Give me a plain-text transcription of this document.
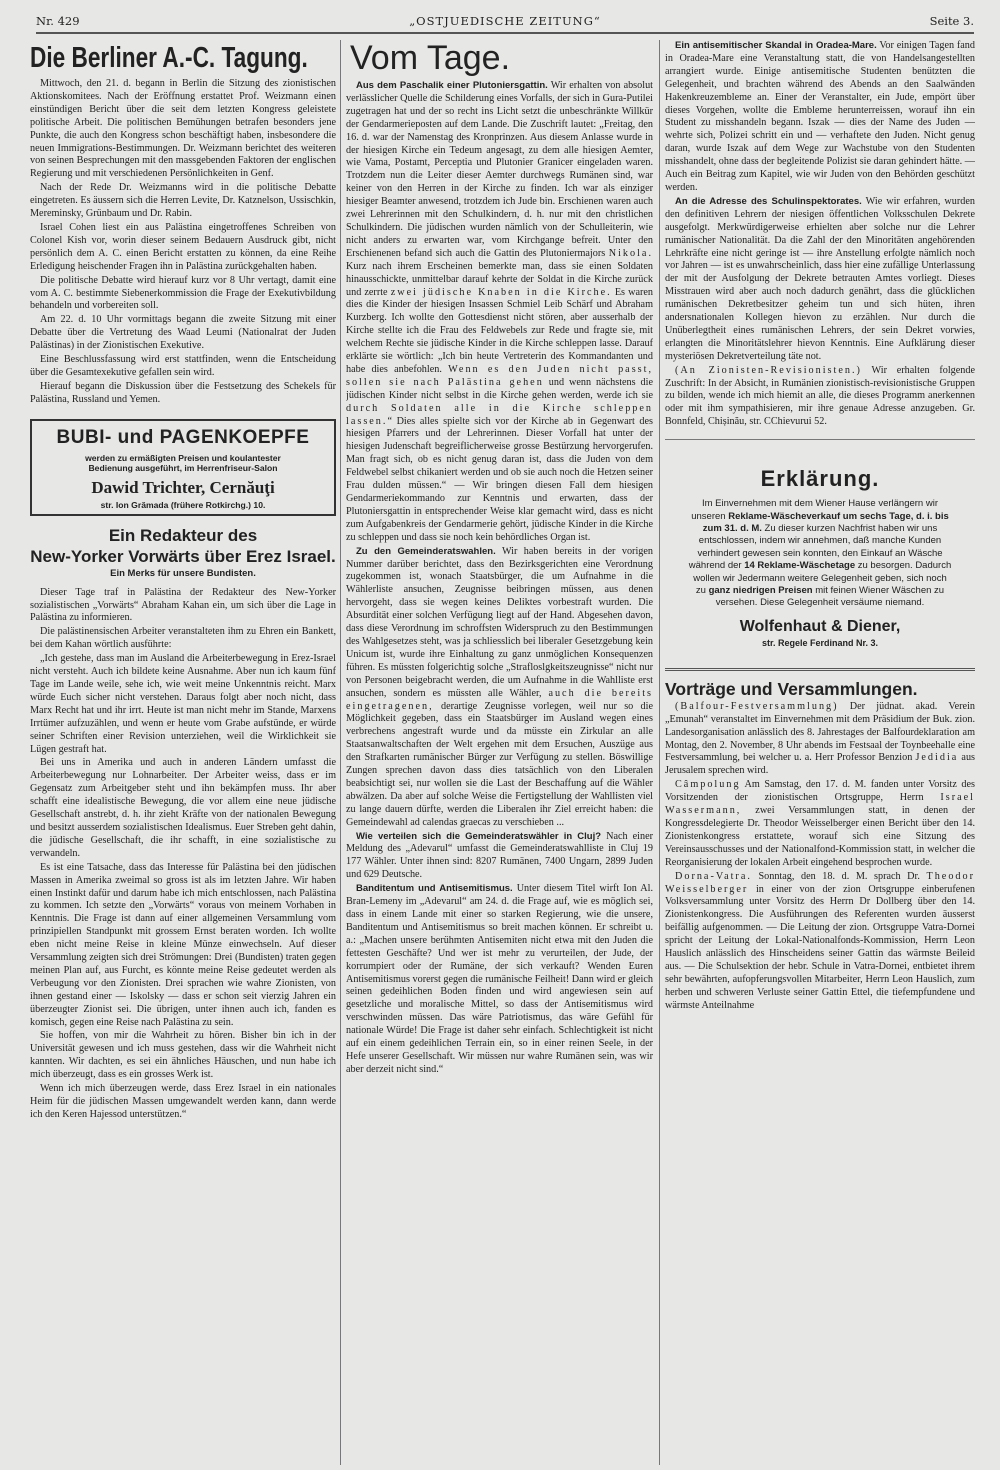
Nr. 429	„OSTJUEDISCHE ZEITUNG“	Seite 3.
Die Berliner A.-C. Tagung.

Mittwoch, den 21. d. begann in Berlin die Sitzung des zionistischen Aktionskomitees. Nach der Eröffnung erstattet Prof. Weizmann einen einstündigen Bericht über die seit dem letzten Kongress geleistete politische Arbeit. Die politischen Bemühungen betrafen besonders jene Punkte, die auch den Kongress schon beschäftigt haben, insbesondere die neuen Immigrations-Bestimmungen. Dr. Weizmann berichtet des weiteren von seinen Besprechungen mit den massgebenden Faktoren der englischen Regierung und mit verschiedenen Persönlichkeiten in Genf.

Nach der Rede Dr. Weizmanns wird in die politische Debatte eingetreten. Es äussern sich die Herren Levite, Dr. Katznelson, Ussischkin, Mereminsky, Grünbaum und Dr. Rabin.

Israel Cohen liest ein aus Palästina eingetroffenes Schreiben von Colonel Kish vor, worin dieser seinem Bedauern Ausdruck gibt, nicht persönlich dem A. C. einen Bericht erstatten zu können, da eine Reihe Erledigung heischender Fragen ihn in Palästina zurückgehalten haben.

Die politische Debatte wird hierauf kurz vor 8 Uhr vertagt, damit eine vom A. C. bestimmte Siebenerkommission die Frage der Exekutivbildung behandeln und vorbereiten soll.

Am 22. d. 10 Uhr vormittags begann die zweite Sitzung mit einer Debatte über die Vertretung des Waad Leumi (Nationalrat der Juden Palästinas) in der Zionistischen Exekutive.

Eine Beschlussfassung wird erst stattfinden, wenn die Entscheidung über die Gesamtexekutive gefallen sein wird.

Hierauf begann die Diskussion über die Festsetzung des Schekels für Palästina, Russland und Yemen.

BUBI- und PAGENKOEPFE
werden zu ermäßigten Preisen und koulantester
Bedienung ausgeführt, im Herrenfriseur-Salon
Dawid Trichter, Cernăuţi
str. Ion Grămada (frühere Rotkirchg.) 10.
Ein Redakteur des
New-Yorker Vorwärts über Erez Israel.
Ein Merks für unsere Bundisten.

Dieser Tage traf in Palästina der Redakteur des New-Yorker sozialistischen „Vorwärts“ Abraham Kahan ein, um sich über die Lage in Palästina zu informieren.

Die palästinensischen Arbeiter veranstalteten ihm zu Ehren ein Bankett, bei dem Kahan wörtlich ausführte:

„Ich gestehe, dass man im Ausland die Arbeiterbewegung in Erez-Israel nicht versteht. Auch ich bildete keine Ausnahme. Aber nun ich kaum fünf Tage im Lande weile, sehe ich, wie weit meine Unkenntnis reicht. Marx würde Euch sicher nicht verstehen. Daraus folgt aber noch nicht, dass Marx Recht hat und ihr irrt. Heute ist man nicht mehr im Stande, Marxens Irrtümer aufzuzählen, und wenn er heute vom Grabe aufstünde, er würde seiner Schriften einer Revision unterziehen, weil die Wirklichkeit sie Lügen gestraft hat.

Bei uns in Amerika und auch in anderen Ländern umfasst die Arbeiterbewegung nur Lohnarbeiter. Der Arbeiter weiss, dass er im Gegensatz zum Arbeitgeber steht und ihn bekämpfen muss. Ihr aber schafft eine idealistische Bewegung, die vor allem eine neue jüdische Gesellschaft anstrebt, d. h. ihr zieht Kräfte von der nationalen Bewegung und besitzt ausserdem sozialistischen Idealismus. Euer Streben geht dahin, die jüdische Gesellschaft, die ihr schafft, in eine sozialistische zu verwandeln.

Es ist eine Tatsache, dass das Interesse für Palästina bei den jüdischen Massen in Amerika zweimal so gross ist als im letzten Jahre. Wir haben einen Instinkt dafür und darum habe ich mich entschlossen, nach Palästina zu kommen. Ich setzte den „Vorwärts“ voraus von meinem Vorhaben in Kenntnis. Die Frage ist dann auf einer allgemeinen Versammlung vom prinzipiellen Standpunkt mit grossem Ernst beraten worden. Ich wollte eben nicht meine Reise in kleine Münze einwechseln. Auf dieser Versammlung zeigten sich drei Strömungen: Drei (Bundisten) traten gegen meinen Plan auf, aus Furcht, es könnte meine Reise gedeutet werden als Verbeugung vor den Zionisten. Drei sprachen wie wahre Zionisten, von ihnen gestand einer — Iskolsky — dass er schon seit vierzig Jahren ein überzeugter Zionist sei. Die übrigen, unter ihnen auch ich, fanden es komisch, gegen eine Reise nach Palästina zu sein.

Sie hoffen, von mir die Wahrheit zu hören. Bisher bin ich in der Universität gewesen und ich muss gestehen, dass wir die Wahrheit nicht kannten. Wir dachten, es sei ein ähnliches Häuschen, und nun habe ich mich überzeugt, dass es ein grosses Werk ist.

Wenn ich mich überzeugen werde, dass Erez Israel in ein nationales Heim für die jüdischen Massen umgewandelt werden kann, dann werde ich den Keren Hajessod unterstützen.“

Vom Tage.

Aus dem Paschalik einer Plutoniersgattin. Wir erhalten von absolut verlässlicher Quelle die Schilderung eines Vorfalls, der sich in Gura-Putilei zugetragen hat und der so recht ins Licht setzt die unbeschränkte Willkür der Gendarmerieposten auf dem Lande. Die Zuschrift lautet: „Freitag, den 16. d. war der Namenstag des Kronprinzen. Aus diesem Anlasse wurde in der hiesigen Kirche ein Tedeum angesagt, zu dem alle hiesigen Aemter, wie Vama, Postamt, Perceptia und Plutonier Granicer eingeladen waren. Trotzdem nun die Leiter dieser Aemter durchwegs Rumänen sind, war keiner von den Herren in der Kirche zu finden. Ich war als einziger hiesiger Beamter anwesend, trotzdem ich Jude bin. Erschienen waren auch zwei Lehrerinnen mit den Schulkindern, d. h. nur mit den christlichen Schulkindern. Die jüdischen wurden nämlich von der Schulleiterin, wie nicht anders zu erwarten war, vom Kirchgange befreit. Unter den Erschienenen befand sich auch die Gattin des Plutoniermajors Nikola. Kurz nach ihrem Erscheinen bemerkte man, dass sie einen Soldaten hinausschickte, unmittelbar darauf kehrte der Soldat in die Kirche zurück und zerrte zwei jüdische Knaben in die Kirche. Es waren dies die Kinder der hiesigen Insassen Schmiel Leib Schärf und Abraham Kurzberg. Ich wollte den Gottesdienst nicht stören, aber ausserhalb der Kirche stellte ich die Frau des Feldwebels zur Rede und fragte sie, mit welchem Rechte sie jüdische Kinder in die Kirche schleppen lasse. Darauf erklärte sie wörtlich: „Ich bin heute Vertreterin des Kommandanten und habe dies anbefohlen. Wenn es den Juden nicht passt, sollen sie nach Palästina gehen und wenn nächstens die jüdischen Kinder nicht selbst in die Kirche gehen werden, werde ich sie durch Soldaten alle in die Kirche schleppen lassen.“ Dies alles spielte sich vor der Kirche ab in Gegenwart des hiesigen Pfarrers und der Lehrerinnen. Dieser Vorfall hat unter der hiesigen Judenschaft begreiflicherweise grosse Bestürzung hervorgerufen. Man fragt sich, ob es nicht genug daran ist, dass die Juden von dem Feldwebel selbst chikaniert werden und ob sie auch noch die Hetzen seiner Frau dulden müssen.“ — Wir bringen diesen Fall dem hiesigen Gendarmeriekommando zur Kenntnis und erwarten, dass der Plutoniersgattin in entsprechender Weise klar gemacht wird, dass es nicht zum Aufgabenkreis der Gendarmerie gehört, jüdische Kinder in die Kirche zu schleppen und dass sie noch kein behördliches Organ ist.

Zu den Gemeinderatswahlen. Wir haben bereits in der vorigen Nummer darüber berichtet, dass den Bezirksgerichten eine Verordnung zugekommen ist, wonach Staatsbürger, die um Aufnahme in die Wählerliste ansuchen, Zeugnisse beibringen müssen, aus denen hervorgeht, dass sie wegen keines Deliktes vorbestraft wurden. Die Absurdität einer solchen Verfügung liegt auf der Hand. Abgesehen davon, dass diese Verordnung im schroffsten Widerspruch zu den Bestimmungen des Wahlgesetzes steht, was ja schliesslich bei liberaler Gesetzgebung kein Unicum ist, wurde ihre Einhaltung zu ganz unmöglichen Konsequenzen führen. Es müssten folgerichtig solche „Strafloslgkeitszeugnisse“ nicht nur von Personen beigebracht werden, die um Aufnahme in die Wahlliste erst ansuchen, sondern es müssten alle Wähler, auch die bereits eingetragenen, derartige Zeugnisse vorlegen, weil nur so die Möglichkeit gegeben, dass ein Staatsbürger im Ausland wegen eines verbrechens angestraft wurde und da müsste ein Zirkular an alle Staatsanwaltschaften der Welt ergehen mit dem Ersuchen, Auszüge aus den Strafkarten rumänischer Bürger zur Verfügung zu stellen. Böswillige Zungen sprechen davon dass dies tatsächlich von den Liberalen beabsichtigt sei, nur wollen sie die Last der Beschaffung auf die Wähler abwälzen. Da aber auf solche Weise die Fertigstellung der Wahllisten viel zu lange dauern dürfte, werden die Liberalen ihr Ziel erreicht haben: die Gemeindewahl ad calendas graecas zu verschieben ...

Wie verteilen sich die Gemeinderatswähler in Cluj? Nach einer Meldung des „Adevarul“ umfasst die Gemeinderatswahlliste in Cluj 19 177 Wähler. Unter ihnen sind: 8207 Rumänen, 7400 Ungarn, 2899 Juden und 629 Deutsche.

Banditentum und Antisemitismus. Unter diesem Titel wirft Ion Al. Bran-Lemeny im „Adevarul“ am 24. d. die Frage auf, wie es möglich sei, dass in einem Lande mit einer so starken Regierung, wie die unsere, Banditentum und Antisemitismus so breit machen können. Er schreibt u. a.: „Machen unsere berühmten Antisemiten nicht etwa mit den Juden die fettesten Geschäfte? Und wer ist mehr zu verurteilen, der Jude, der korrumpiert oder der Rumäne, der sich verkauft? Wenden Euren Antisemitismus vorerst gegen die rumänische Feilheit! Dann wird er gleich seinen gedeihlichen Boden finden und wird angewiesen sein auf gesetzliche und moralische Mittel, so dass der Antisemitismus wird verschwinden müssen. Das wäre Patriotismus, das wäre Gefühl für nationale Würde! Die Frage ist daher sehr einfach. Schlechtigkeit ist nicht auf ein einem gedeihlichen Terrain ein, so in einer reinen Seele, in der Hefe unserer Gesellschaft. Wir müssen nur wahre Rumänen sein, was wir aber derzeit nicht sind.“

Ein antisemitischer Skandal in Oradea-Mare. Vor einigen Tagen fand in Oradea-Mare eine Veranstaltung statt, die von Handelsangestellten arrangiert wurde. Einige antisemitische Studenten benützten die Gelegenheit, und brachten während des Abends an den Saalwänden Hakenkreuzembleme an. Einer der Veranstalter, ein Jude, empört über dieses Vorgehen, wollte die Embleme herunterreissen, worauf ihn ein Student zu misshandeln begann. Iszak — dies der Name des Juden — wehrte sich, Polizei schritt ein und — verhaftete den Juden. Nicht genug daran, wurde Iszak auf dem Wege zur Wachstube von den Studenten misshandelt, ohne dass der begleitende Polizist sie daran gehindert hätte. — Auch ein Beitrag zum Kapitel, wie wir Juden von den Behörden geschützt werden.

An die Adresse des Schulinspektorates. Wie wir erfahren, wurden den definitiven Lehrern der niesigen öffentlichen Volksschulen Dekrete ausgefolgt. Merkwürdigerweise erhielten aber solche nur die Lehrer rumänischer Nationalität. Da die Zahl der den Minoritäten angehörenden Lehrkräfte eine nicht geringe ist — ihre Anstellung erfolgte nämlich noch vor Jahren — ist es unwahrscheinlich, dass hier eine zufällige Unterlassung der mit der Ausfolgung der Dekrete betrauten Amtes vorliegt. Dieses Misstrauen wird aber auch noch dadurch genährt, dass die glücklichen rumänischen Dekretbesitzer geheim tun und sich hüten, ihren andersnationalen Kollegen hievon zu erzählen. Nur durch die Unüberlegtheit eines rumänischen Lehrers, der sein Dekret vorwies, erlangten die Minoritätslehrer hievon Kenntnis. Eine Aufklärung dieser mysteriösen Dekretverteilung täte not.

(An Zionisten-Revisionisten.) Wir erhalten folgende Zuschrift: In der Absicht, in Rumänien zionistisch-revisionistische Gruppen zu bilden, wende ich mich hiemit an alle, die dieses Programm anerkennen oder mit ihm sympathisieren, mir ihre genaue Adresse anzugeben. Gr. Bonnfeld, Chișinău, str. CChievurui 52.

Erklärung.
Im Einvernehmen mit dem Wiener Hause verlängern wir unseren Reklame-Wäscheverkauf um sechs Tage, d. i. bis zum 31. d. M. Zu dieser kurzen Nachfrist haben wir uns entschlossen, indem wir annehmen, daß manche Kunden verhindert gewesen sein konnten, den Einkauf an Wäsche während der 14 Reklame-Wäschetage zu besorgen. Dadurch wollen wir Jedermann weitere Gelegenheit geben, sich noch zu ganz niedrigen Preisen mit feinen Wiener Wäschen zu versehen. Diese Gelegenheit versäume niemand.
Wolfenhaut & Diener,
str. Regele Ferdinand Nr. 3.
Vorträge und Versammlungen.

(Balfour-Festversammlung) Der jüdnat. akad. Verein „Emunah“ veranstaltet im Einvernehmen mit dem Präsidium der Buk. zion. Landesorganisation anlässlich des 8. Jahrestages der Balfourdeklaration am Montag, den 2. November, 8 Uhr abends im Festsaal der Toynbeehalle eine Festversammlung, bei welcher u. a. Herr Professor Benzion Jedidia aus Jerusalem sprechen wird.

Câmpolung Am Samstag, den 17. d. M. fanden unter Vorsitz des Vorsitzenden der zionistischen Ortsgruppe, Herrn Israel Wassermann, zwei Versammlungen statt, in denen der Kongressdelegierte Dr. Theodor Weisselberger einen Bericht über den 14. Zionistenkongress erstattete, worauf sich eine Sitzung des Vereinsausschusses und der Nationalfond-Kommission statt, in welcher die Reorganisierung der lokalen Arbeit eingehend besprochen wurde.

Dorna-Vatra. Sonntag, den 18. d. M. sprach Dr. Theodor Weisselberger in einer von der zion Ortsgruppe einberufenen Volksversammlung unter Vorsitz des Herrn Dr Dollberg über den 14. Zionistenkongress. Die Ausführungen des Referenten wurden äusserst beifällig aufgenommen. — Die Leitung der zion. Ortsgruppe Vatra-Dornei spricht der Leitung der Lokal-Nationalfonds-Kommission, Herrn Leon Hauslich anlässlich des Hinscheidens seiner Gattin das wärmste Beileid aus. — Die Schulsektion der hebr. Schule in Vatra-Dornei, entbietet ihrem sehr bewährten, aufopferungsvollen Mitarbeiter, Herrn Leon Hauslich, zum herben und schweren Verluste seiner Gattin Ettel, die tiefempfundene und wärmste Anteilnahme
